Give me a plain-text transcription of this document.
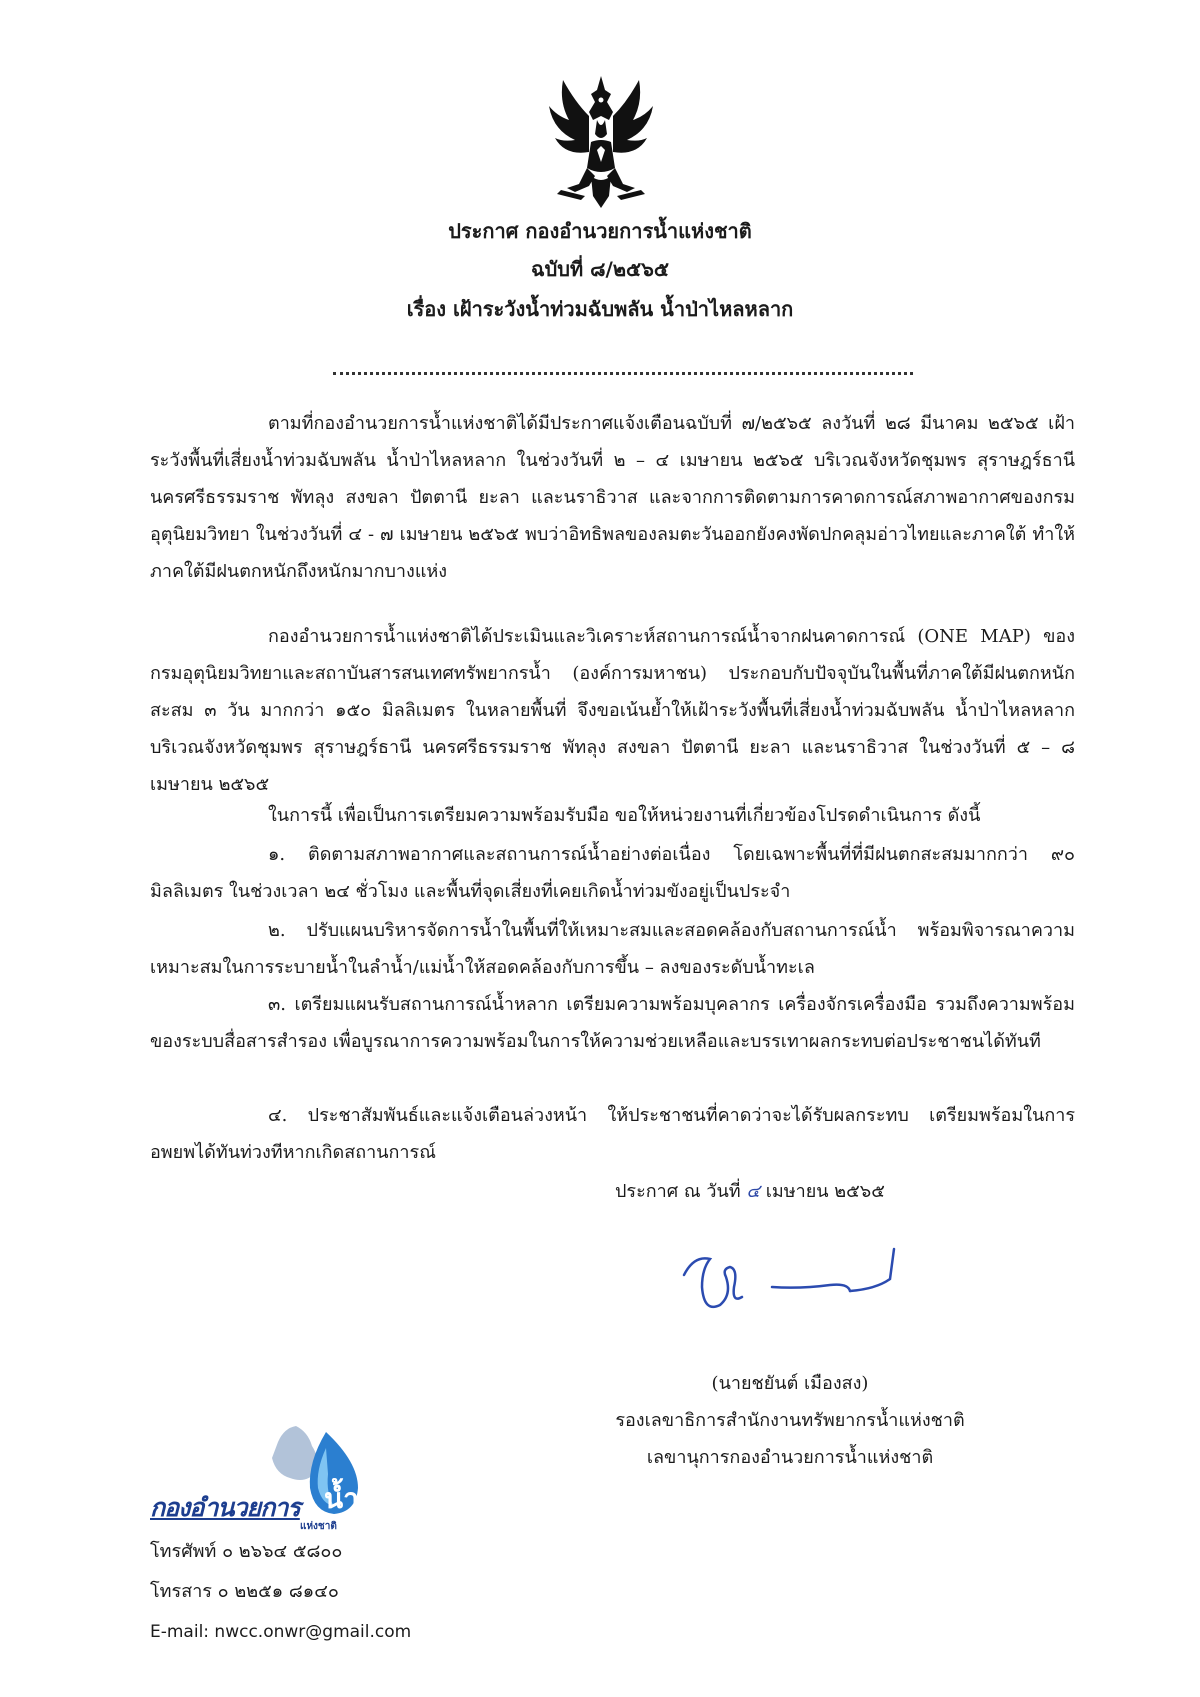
ประกาศ กองอำนวยการน้ำแห่งชาติ
ฉบับที่ ๘/๒๕๖๕
เรื่อง เฝ้าระวังน้ำท่วมฉับพลัน น้ำป่าไหลหลาก

ตามที่กองอำนวยการน้ำแห่งชาติได้มีประกาศแจ้งเตือนฉบับที่ ๗/๒๕๖๕ ลงวันที่ ๒๘ มีนาคม ๒๕๖๕ เฝ้าระวังพื้นที่เสี่ยงน้ำท่วมฉับพลัน น้ำป่าไหลหลาก ในช่วงวันที่ ๒ – ๔ เมษายน ๒๕๖๕ บริเวณจังหวัดชุมพร สุราษฎร์ธานี นครศรีธรรมราช พัทลุง สงขลา ปัตตานี ยะลา และนราธิวาส และจากการติดตามการคาดการณ์สภาพอากาศของกรมอุตุนิยมวิทยา ในช่วงวันที่ ๔ - ๗ เมษายน ๒๕๖๕ พบว่าอิทธิพลของลมตะวันออกยังคงพัดปกคลุมอ่าวไทยและภาคใต้ ทำให้ภาคใต้มีฝนตกหนักถึงหนักมากบางแห่ง

กองอำนวยการน้ำแห่งชาติได้ประเมินและวิเคราะห์สถานการณ์น้ำจากฝนคาดการณ์ (ONE MAP) ของกรมอุตุนิยมวิทยาและสถาบันสารสนเทศทรัพยากรน้ำ (องค์การมหาชน) ประกอบกับปัจจุบันในพื้นที่ภาคใต้มีฝนตกหนักสะสม ๓ วัน มากกว่า ๑๕๐ มิลลิเมตร ในหลายพื้นที่ จึงขอเน้นย้ำให้เฝ้าระวังพื้นที่เสี่ยงน้ำท่วมฉับพลัน น้ำป่าไหลหลากบริเวณจังหวัดชุมพร สุราษฎร์ธานี นครศรีธรรมราช พัทลุง สงขลา ปัตตานี ยะลา และนราธิวาส ในช่วงวันที่ ๕ – ๘ เมษายน ๒๕๖๕

ในการนี้ เพื่อเป็นการเตรียมความพร้อมรับมือ ขอให้หน่วยงานที่เกี่ยวข้องโปรดดำเนินการ ดังนี้

๑. ติดตามสภาพอากาศและสถานการณ์น้ำอย่างต่อเนื่อง โดยเฉพาะพื้นที่ที่มีฝนตกสะสมมากกว่า ๙๐ มิลลิเมตร ในช่วงเวลา ๒๔ ชั่วโมง และพื้นที่จุดเสี่ยงที่เคยเกิดน้ำท่วมขังอยู่เป็นประจำ

๒. ปรับแผนบริหารจัดการน้ำในพื้นที่ให้เหมาะสมและสอดคล้องกับสถานการณ์น้ำ พร้อมพิจารณาความเหมาะสมในการระบายน้ำในลำน้ำ/แม่น้ำให้สอดคล้องกับการขึ้น – ลงของระดับน้ำทะเล

๓. เตรียมแผนรับสถานการณ์น้ำหลาก เตรียมความพร้อมบุคลากร เครื่องจักรเครื่องมือ รวมถึงความพร้อมของระบบสื่อสารสำรอง เพื่อบูรณาการความพร้อมในการให้ความช่วยเหลือและบรรเทาผลกระทบต่อประชาชนได้ทันที

๔. ประชาสัมพันธ์และแจ้งเตือนล่วงหน้า ให้ประชาชนที่คาดว่าจะได้รับผลกระทบ เตรียมพร้อมในการอพยพได้ทันท่วงทีหากเกิดสถานการณ์

ประกาศ ณ วันที่ ๔ เมษายน ๒๕๖๕
(นายชยันต์ เมืองสง)
รองเลขาธิการสำนักงานทรัพยากรน้ำแห่งชาติ
เลขานุการกองอำนวยการน้ำแห่งชาติ
น้ำ
กองอำนวยการ
แห่งชาติ
โทรศัพท์ ๐ ๒๖๖๔ ๕๘๐๐
โทรสาร ๐ ๒๒๕๑ ๘๑๔๐
E-mail: nwcc.onwr@gmail.com
